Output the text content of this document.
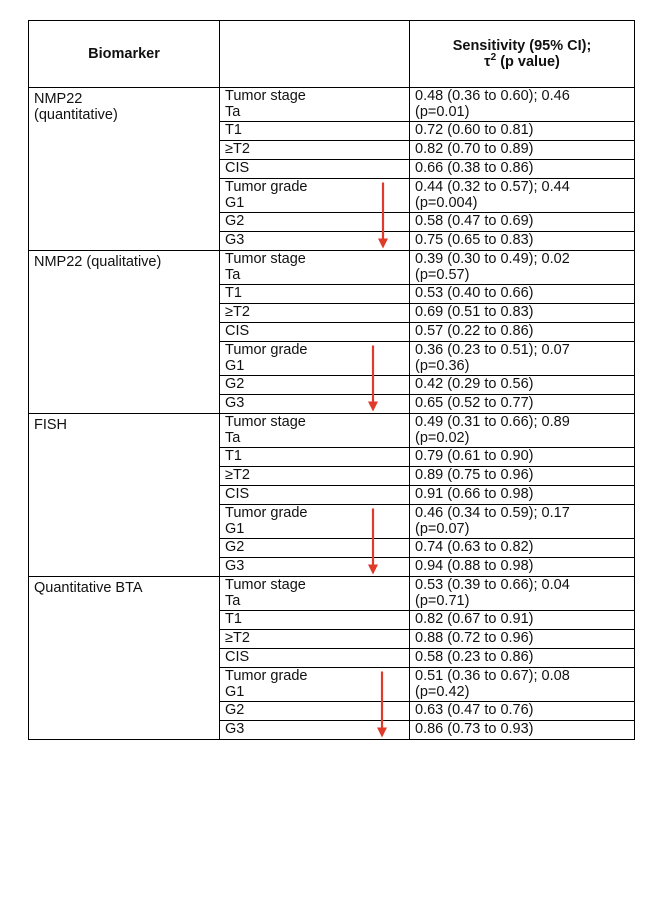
Biomarker		Sensitivity (95% CI);
$\tau^2$ (p value)

NMP22
(quantitative)	Tumor stage
Ta	0.48 (0.36 to 0.60); 0.46
(p=0.01)

	T1	0.72 (0.60 to 0.81)

	≥T2	0.82 (0.70 to 0.89)

	CIS	0.66 (0.38 to 0.86)

	Tumor grade
G1	0.44 (0.32 to 0.57); 0.44
(p=0.004)

	G2	0.58 (0.47 to 0.69)

	G3	0.75 (0.65 to 0.83)

NMP22 (qualitative)	Tumor stage
Ta	0.39 (0.30 to 0.49); 0.02
(p=0.57)

	T1	0.53 (0.40 to 0.66)

	≥T2	0.69 (0.51 to 0.83)

	CIS	0.57 (0.22 to 0.86)

	Tumor grade
G1	0.36 (0.23 to 0.51); 0.07
(p=0.36)

	G2	0.42 (0.29 to 0.56)

	G3	0.65 (0.52 to 0.77)

FISH	Tumor stage
Ta	0.49 (0.31 to 0.66); 0.89
(p=0.02)

	T1	0.79 (0.61 to 0.90)

	≥T2	0.89 (0.75 to 0.96)

	CIS	0.91 (0.66 to 0.98)

	Tumor grade
G1	0.46 (0.34 to 0.59); 0.17
(p=0.07)

	G2	0.74 (0.63 to 0.82)

	G3	0.94 (0.88 to 0.98)

Quantitative BTA	Tumor stage
Ta	0.53 (0.39 to 0.66); 0.04
(p=0.71)

	T1	0.82 (0.67 to 0.91)

	≥T2	0.88 (0.72 to 0.96)

	CIS	0.58 (0.23 to 0.86)

	Tumor grade
G1	0.51 (0.36 to 0.67); 0.08
(p=0.42)

	G2	0.63 (0.47 to 0.76)

	G3	0.86 (0.73 to 0.93)
